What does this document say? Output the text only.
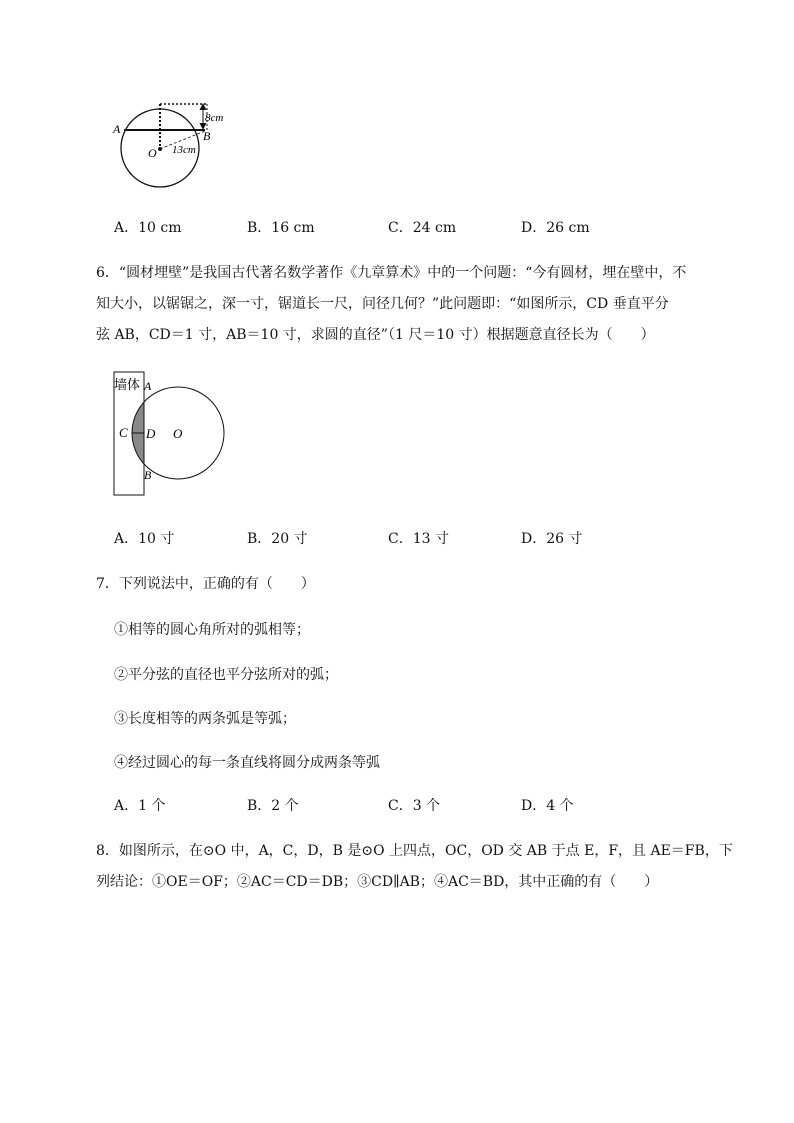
A	B
O
8cm
13cm
A．10 cm	B．16 cm	C．24 cm	D．26 cm
6．“圆材埋壁”是我国古代著名数学著作《九章算术》中的一个问题：“今有圆材，埋在壁中，不
知大小，以锯锯之，深一寸，锯道长一尺，问径几何？”此问题即：“如图所示，CD 垂直平分
弦 AB，CD＝1 寸，AB＝10 寸，求圆的直径”（1 尺＝10 寸）根据题意直径长为（　　）
墙体 A
C D O
B
A．10 寸	B．20 寸	C．13 寸	D．26 寸
7．下列说法中，正确的有（　　）
①相等的圆心角所对的弧相等；
②平分弦的直径也平分弦所对的弧；
③长度相等的两条弧是等弧；
④经过圆心的每一条直线将圆分成两条等弧
A．1 个	B．2 个	C．3 个	D．4 个
8．如图所示，在⊙O 中，A，C，D，B 是⊙O 上四点，OC，OD 交 AB 于点 E，F，且 AE＝FB，下
列结论：①OE＝OF；②AC＝CD＝DB；③CD∥AB；④AC＝BD，其中正确的有（　　）
